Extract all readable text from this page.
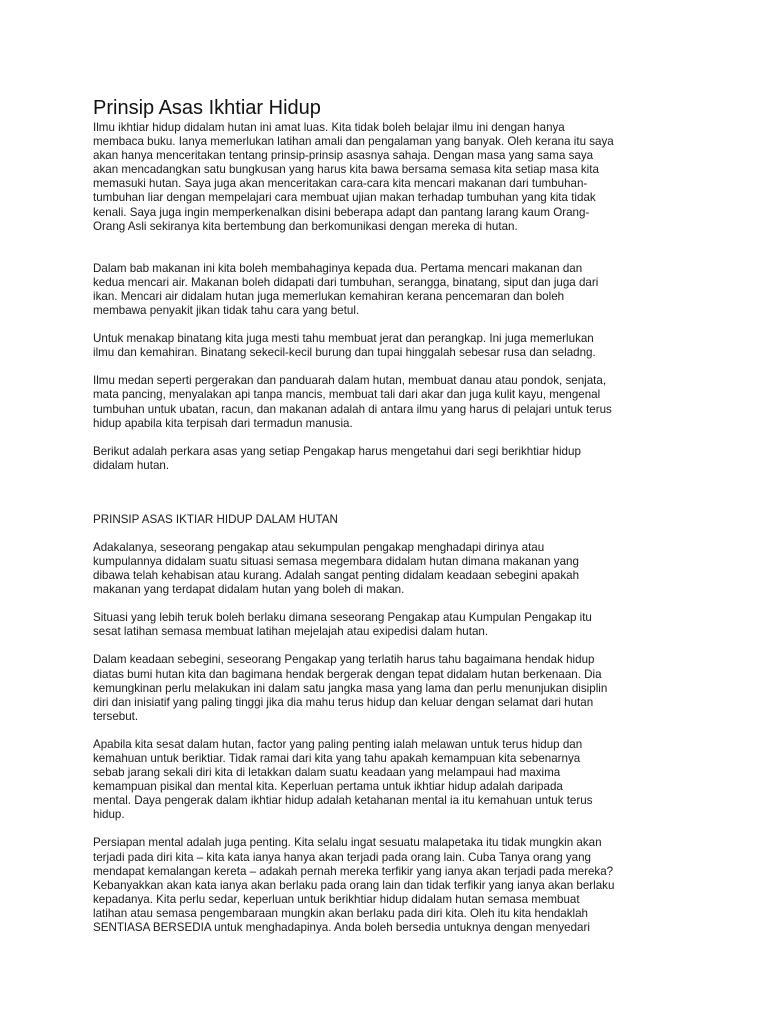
Prinsip Asas Ikhtiar Hidup

Ilmu ikhtiar hidup didalam hutan ini amat luas. Kita tidak boleh belajar ilmu ini dengan hanya
membaca buku. Ianya memerlukan latihan amali dan pengalaman yang banyak. Oleh kerana itu saya
akan hanya menceritakan tentang prinsip-prinsip asasnya sahaja. Dengan masa yang sama saya
akan mencadangkan satu bungkusan yang harus kita bawa bersama semasa kita setiap masa kita
memasuki hutan. Saya juga akan menceritakan cara-cara kita mencari makanan dari tumbuhan-
tumbuhan liar dengan mempelajari cara membuat ujian makan terhadap tumbuhan yang kita tidak
kenali. Saya juga ingin memperkenalkan disini beberapa adapt dan pantang larang kaum Orang-
Orang Asli sekiranya kita bertembung dan berkomunikasi dengan mereka di hutan.

Dalam bab makanan ini kita boleh membahaginya kepada dua. Pertama mencari makanan dan
kedua mencari air. Makanan boleh didapati dari tumbuhan, serangga, binatang, siput dan juga dari
ikan. Mencari air didalam hutan juga memerlukan kemahiran kerana pencemaran dan boleh
membawa penyakit jikan tidak tahu cara yang betul.

Untuk menakap binatang kita juga mesti tahu membuat jerat dan perangkap. Ini juga memerlukan
ilmu dan kemahiran. Binatang sekecil-kecil burung dan tupai hinggalah sebesar rusa dan seladng.

Ilmu medan seperti pergerakan dan panduarah dalam hutan, membuat danau atau pondok, senjata,
mata pancing, menyalakan api tanpa mancis, membuat tali dari akar dan juga kulit kayu, mengenal
tumbuhan untuk ubatan, racun, dan makanan adalah di antara ilmu yang harus di pelajari untuk terus
hidup apabila kita terpisah dari termadun manusia.

Berikut adalah perkara asas yang setiap Pengakap harus mengetahui dari segi berikhtiar hidup
didalam hutan.

PRINSIP ASAS IKTIAR HIDUP DALAM HUTAN

Adakalanya, seseorang pengakap atau sekumpulan pengakap menghadapi dirinya atau
kumpulannya didalam suatu situasi semasa megembara didalam hutan dimana makanan yang
dibawa telah kehabisan atau kurang. Adalah sangat penting didalam keadaan sebegini apakah
makanan yang terdapat didalam hutan yang boleh di makan.

Situasi yang lebih teruk boleh berlaku dimana seseorang Pengakap atau Kumpulan Pengakap itu
sesat latihan semasa membuat latihan mejelajah atau exipedisi dalam hutan.

Dalam keadaan sebegini, seseorang Pengakap yang terlatih harus tahu bagaimana hendak hidup
diatas bumi hutan kita dan bagimana hendak bergerak dengan tepat didalam hutan berkenaan. Dia
kemungkinan perlu melakukan ini dalam satu jangka masa yang lama dan perlu menunjukan disiplin
diri dan inisiatif yang paling tinggi jika dia mahu terus hidup dan keluar dengan selamat dari hutan
tersebut.

Apabila kita sesat dalam hutan, factor yang paling penting ialah melawan untuk terus hidup dan
kemahuan untuk beriktiar. Tidak ramai dari kita yang tahu apakah kemampuan kita sebenarnya
sebab jarang sekali diri kita di letakkan dalam suatu keadaan yang melampaui had maxima
kemampuan pisikal dan mental kita. Keperluan pertama untuk ikhtiar hidup adalah daripada
mental. Daya pengerak dalam ikhtiar hidup adalah ketahanan mental ia itu kemahuan untuk terus
hidup.

Persiapan mental adalah juga penting. Kita selalu ingat sesuatu malapetaka itu tidak mungkin akan
terjadi pada diri kita – kita kata ianya hanya akan terjadi pada orang lain. Cuba Tanya orang yang
mendapat kemalangan kereta – adakah pernah mereka terfikir yang ianya akan terjadi pada mereka?
Kebanyakkan akan kata ianya akan berlaku pada orang lain dan tidak terfikir yang ianya akan berlaku
kepadanya. Kita perlu sedar, keperluan untuk berikhtiar hidup didalam hutan semasa membuat
latihan atau semasa pengembaraan mungkin akan berlaku pada diri kita. Oleh itu kita hendaklah
SENTIASA BERSEDIA untuk menghadapinya. Anda boleh bersedia untuknya dengan menyedari
